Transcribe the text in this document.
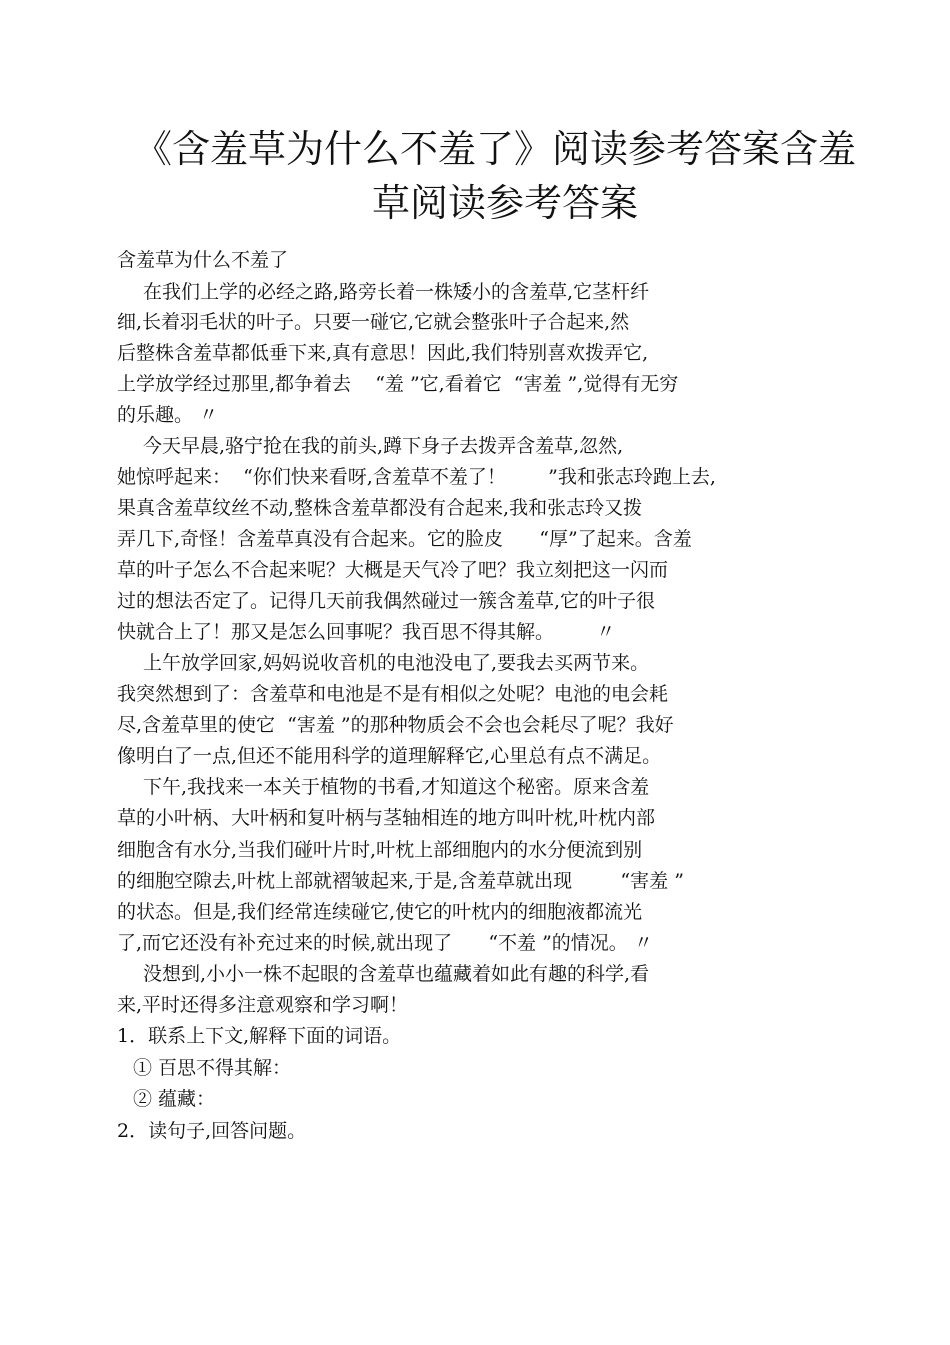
《含羞草为什么不羞了》阅读参考答案含羞
草阅读参考答案
含羞草为什么不羞了
在我们上学的必经之路,路旁长着一株矮小的含羞草,它茎杆纤
细,长着羽毛状的叶子。只要一碰它,它就会整张叶子合起来,然
后整株含羞草都低垂下来,真有意思！因此,我们特别喜欢拨弄它,
上学放学经过那里,都争着去    “羞 ”它,看着它  “害羞 ”,觉得有无穷
的乐趣。 〃
今天早晨,骆宁抢在我的前头,蹲下身子去拨弄含羞草,忽然,
她惊呼起来：  “你们快来看呀,含羞草不羞了！       ”我和张志玲跑上去,
果真含羞草纹丝不动,整株含羞草都没有合起来,我和张志玲又拨
弄几下,奇怪！含羞草真没有合起来。它的脸皮      “厚”了起来。含羞
草的叶子怎么不合起来呢？大概是天气冷了吧？我立刻把这一闪而
过的想法否定了。记得几天前我偶然碰过一簇含羞草,它的叶子很
快就合上了！那又是怎么回事呢？我百思不得其解。       〃
上午放学回家,妈妈说收音机的电池没电了,要我去买两节来。
我突然想到了：含羞草和电池是不是有相似之处呢？电池的电会耗
尽,含羞草里的使它  “害羞 ”的那种物质会不会也会耗尽了呢？我好
像明白了一点,但还不能用科学的道理解释它,心里总有点不满足。
下午,我找来一本关于植物的书看,才知道这个秘密。原来含羞
草的小叶柄、大叶柄和复叶柄与茎轴相连的地方叫叶枕,叶枕内部
细胞含有水分,当我们碰叶片时,叶枕上部细胞内的水分便流到别
的细胞空隙去,叶枕上部就褶皱起来,于是,含羞草就出现        “害羞 ”
的状态。但是,我们经常连续碰它,使它的叶枕内的细胞液都流光
了,而它还没有补充过来的时候,就出现了      “不羞 ”的情况。 〃
没想到,小小一株不起眼的含羞草也蕴藏着如此有趣的科学,看
来,平时还得多注意观察和学习啊！
1．联系上下文,解释下面的词语。
① 百思不得其解：
② 蕴藏：
2．读句子,回答问题。
